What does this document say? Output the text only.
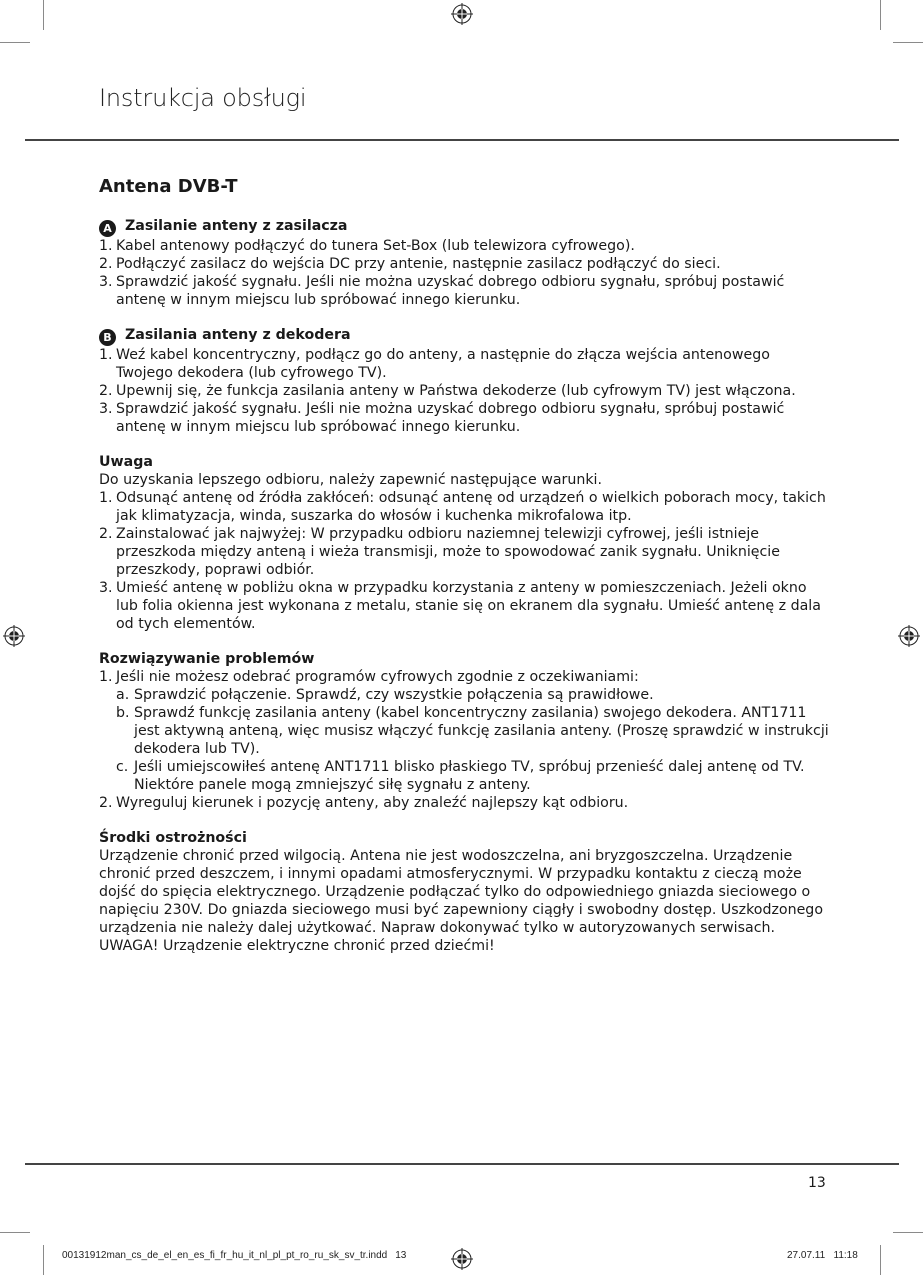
Instrukcja obsługi
Antena DVB-T

A Zasilanie anteny z zasilacza

1. Kabel antenowy podłączyć do tunera Set-Box (lub telewizora cyfrowego).
2. Podłączyć zasilacz do wejścia DC przy antenie, następnie zasilacz podłączyć do sieci.
3. Sprawdzić jakość sygnału. Jeśli nie można uzyskać dobrego odbioru sygnału, spróbuj postawić antenę w innym miejscu lub spróbować innego kierunku.

B Zasilania anteny z dekodera

1. Weź kabel koncentryczny, podłącz go do anteny, a następnie do złącza wejścia antenowego Twojego dekodera (lub cyfrowego TV).
2. Upewnij się, że funkcja zasilania anteny w Państwa dekoderze (lub cyfrowym TV) jest włączona.
3. Sprawdzić jakość sygnału. Jeśli nie można uzyskać dobrego odbioru sygnału, spróbuj postawić antenę w innym miejscu lub spróbować innego kierunku.

Uwaga

Do uzyskania lepszego odbioru, należy zapewnić następujące warunki.

1. Odsunąć antenę od źródła zakłóceń: odsunąć antenę od urządzeń o wielkich poborach mocy, takich jak klimatyzacja, winda, suszarka do włosów i kuchenka mikrofalowa itp.
2. Zainstalować jak najwyżej: W przypadku odbioru naziemnej telewizji cyfrowej, jeśli istnieje przeszkoda między anteną i wieża transmisji, może to spowodować zanik sygnału. Uniknięcie przeszkody, poprawi odbiór.
3. Umieść antenę w pobliżu okna w przypadku korzystania z anteny w pomieszczeniach. Jeżeli okno lub folia okienna jest wykonana z metalu, stanie się on ekranem dla sygnału. Umieść antenę z dala od tych elementów.

Rozwiązywanie problemów

1. Jeśli nie możesz odebrać programów cyfrowych zgodnie z oczekiwaniami:
a. Sprawdzić połączenie. Sprawdź, czy wszystkie połączenia są prawidłowe.
b. Sprawdź funkcję zasilania anteny (kabel koncentryczny zasilania) swojego dekodera. ANT1711 jest aktywną anteną, więc musisz włączyć funkcję zasilania anteny. (Proszę sprawdzić w instrukcji dekodera lub TV).
c. Jeśli umiejscowiłeś antenę ANT1711 blisko płaskiego TV, spróbuj przenieść dalej antenę od TV. Niektóre panele mogą zmniejszyć siłę sygnału z anteny.
2. Wyreguluj kierunek i pozycję anteny, aby znaleźć najlepszy kąt odbioru.

Środki ostrożności

Urządzenie chronić przed wilgocią. Antena nie jest wodoszczelna, ani bryzgoszczelna. Urządzenie chronić przed deszczem, i innymi opadami atmosferycznymi. W przypadku kontaktu z cieczą może dojść do spięcia elektrycznego. Urządzenie podłączać tylko do odpowiedniego gniazda sieciowego o napięciu 230V. Do gniazda sieciowego musi być zapewniony ciągły i swobodny dostęp. Uszkodzonego urządzenia nie należy dalej użytkować. Napraw dokonywać tylko w autoryzowanych serwisach. UWAGA! Urządzenie elektryczne chronić przed dziećmi!

13
00131912man_cs_de_el_en_es_fi_fr_hu_it_nl_pl_pt_ro_ru_sk_sv_tr.indd 13	27.07.11   11:18
